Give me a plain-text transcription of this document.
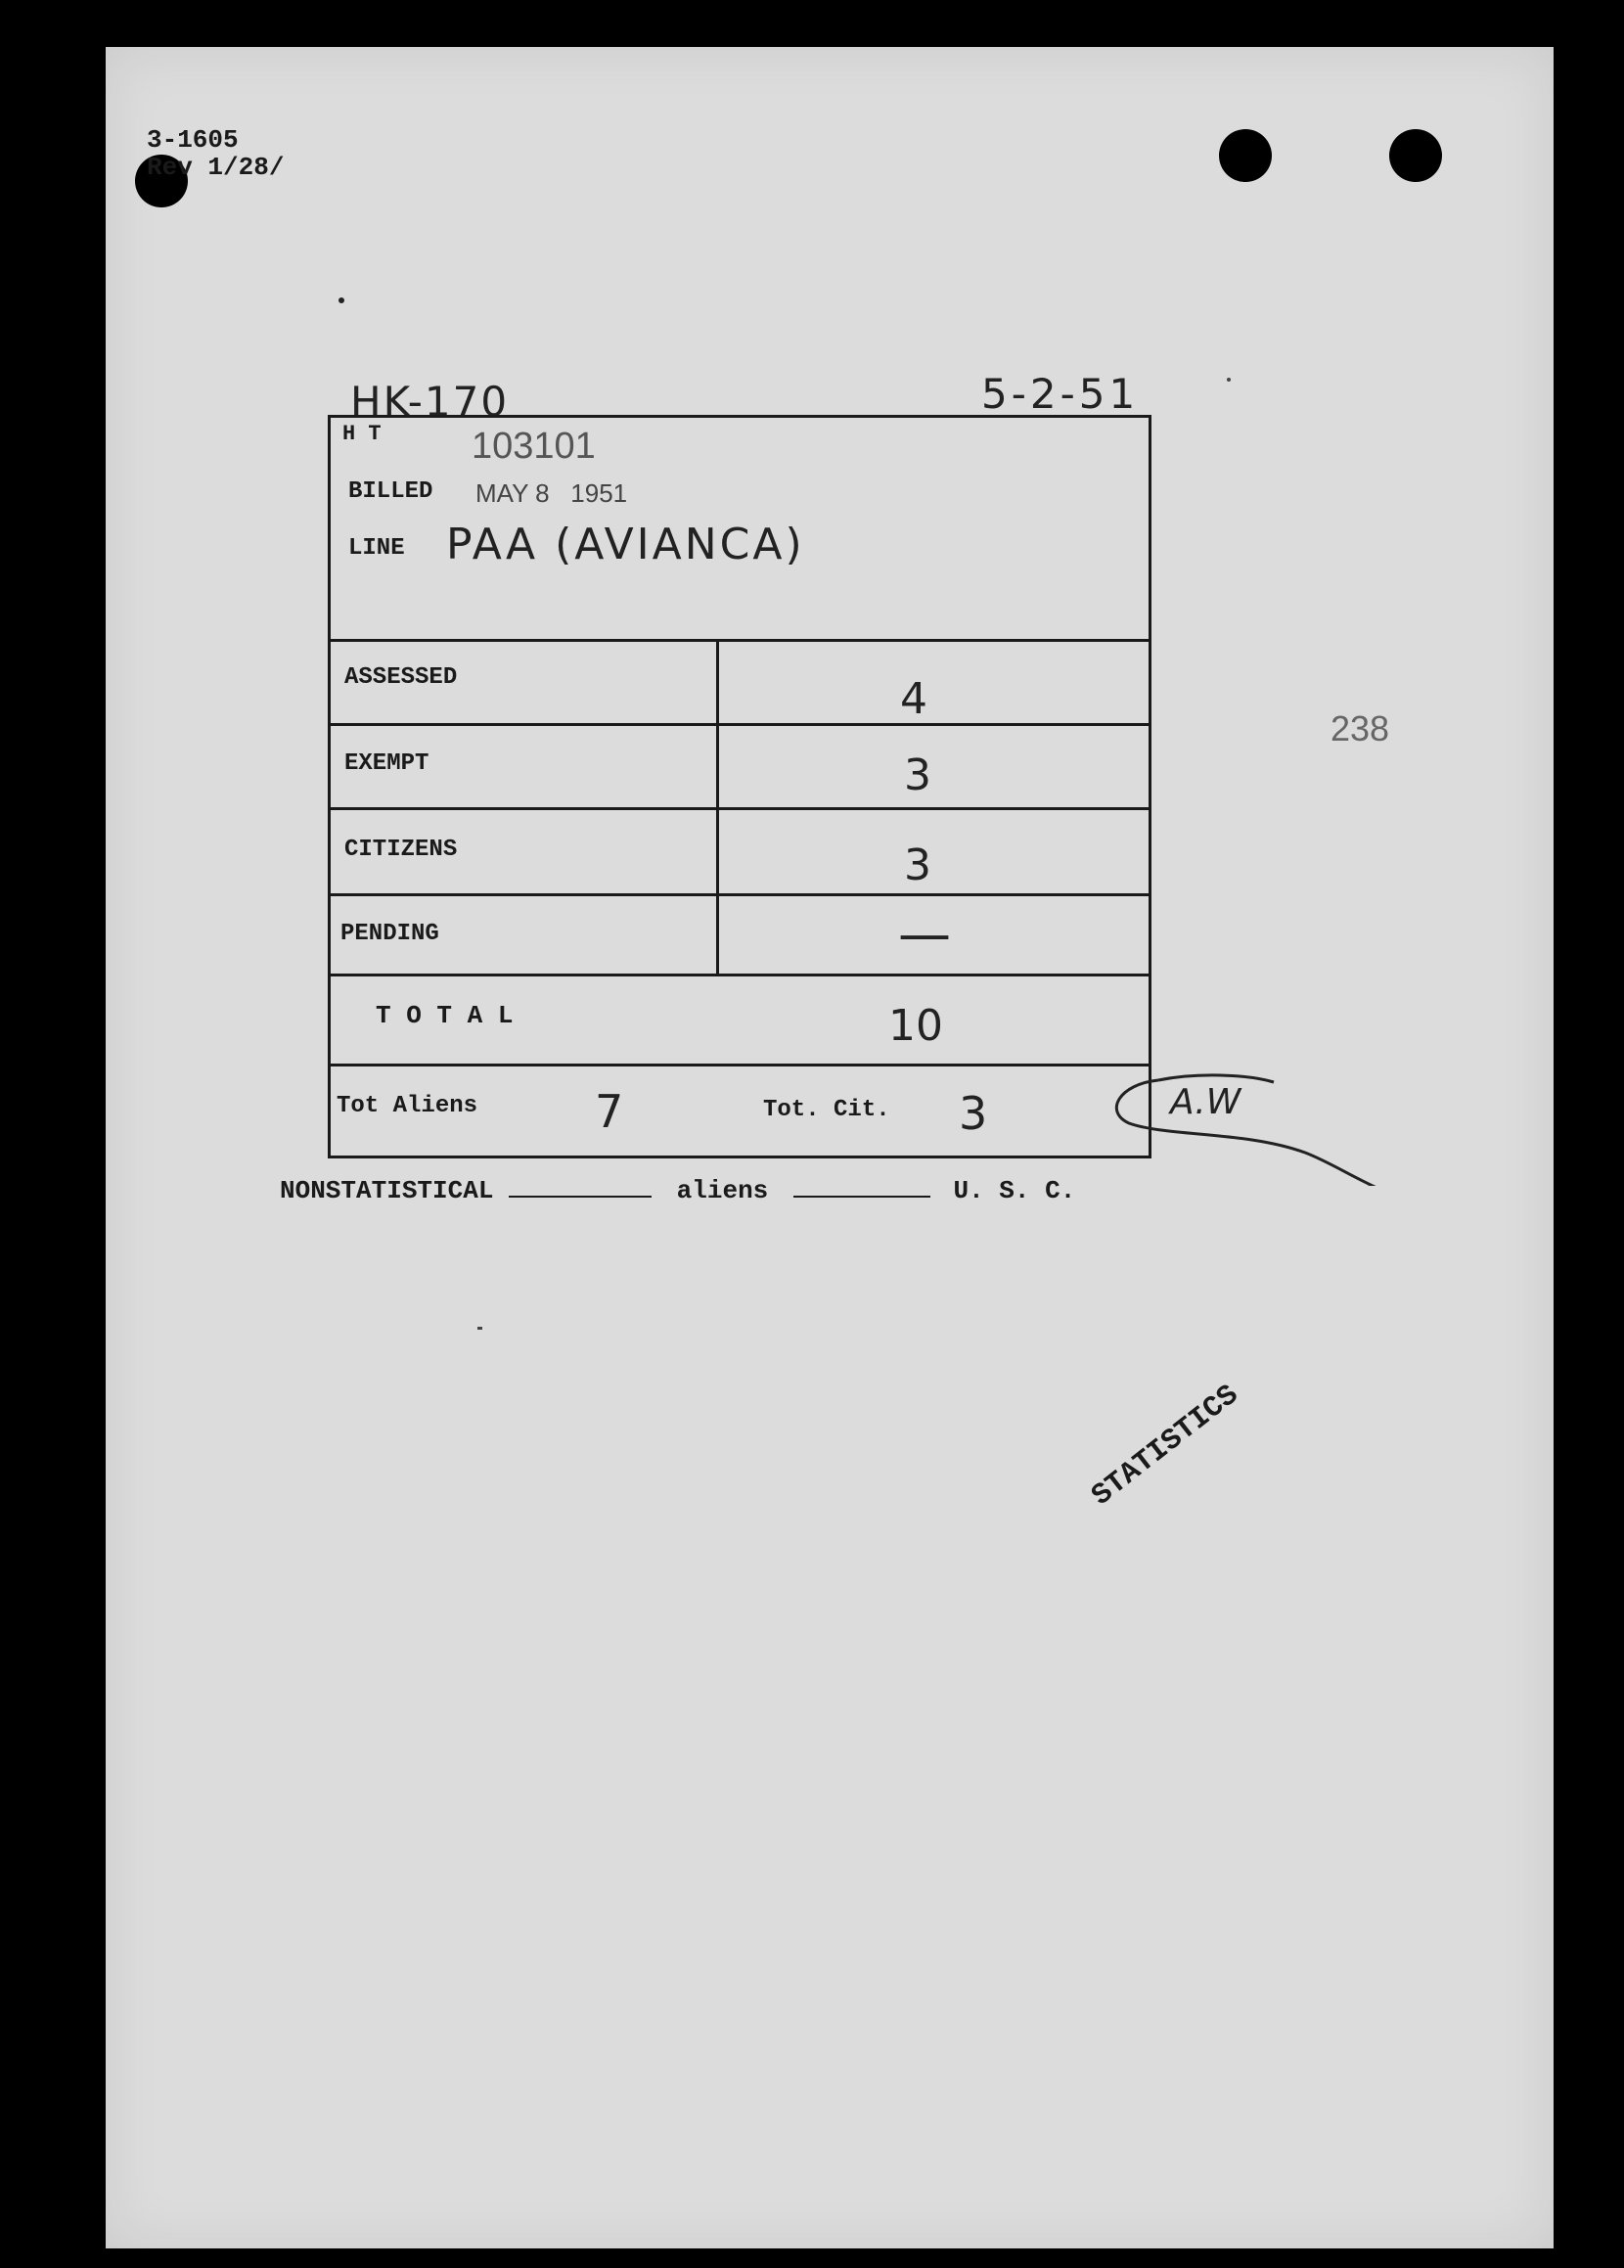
3-1605
Rev 1/28/
HK-170	5-2-51
238
NONSTATISTICAL	aliens	U. S. C.
STATISTICS
H T 103101
BILLED MAY 8   1951
LINE PAA (AVIANCA)
ASSESSED	4
EXEMPT	3
CITIZENS	3
PENDING	—
T O T A L	10
Tot Aliens	7	Tot. Cit. 3	A.W
